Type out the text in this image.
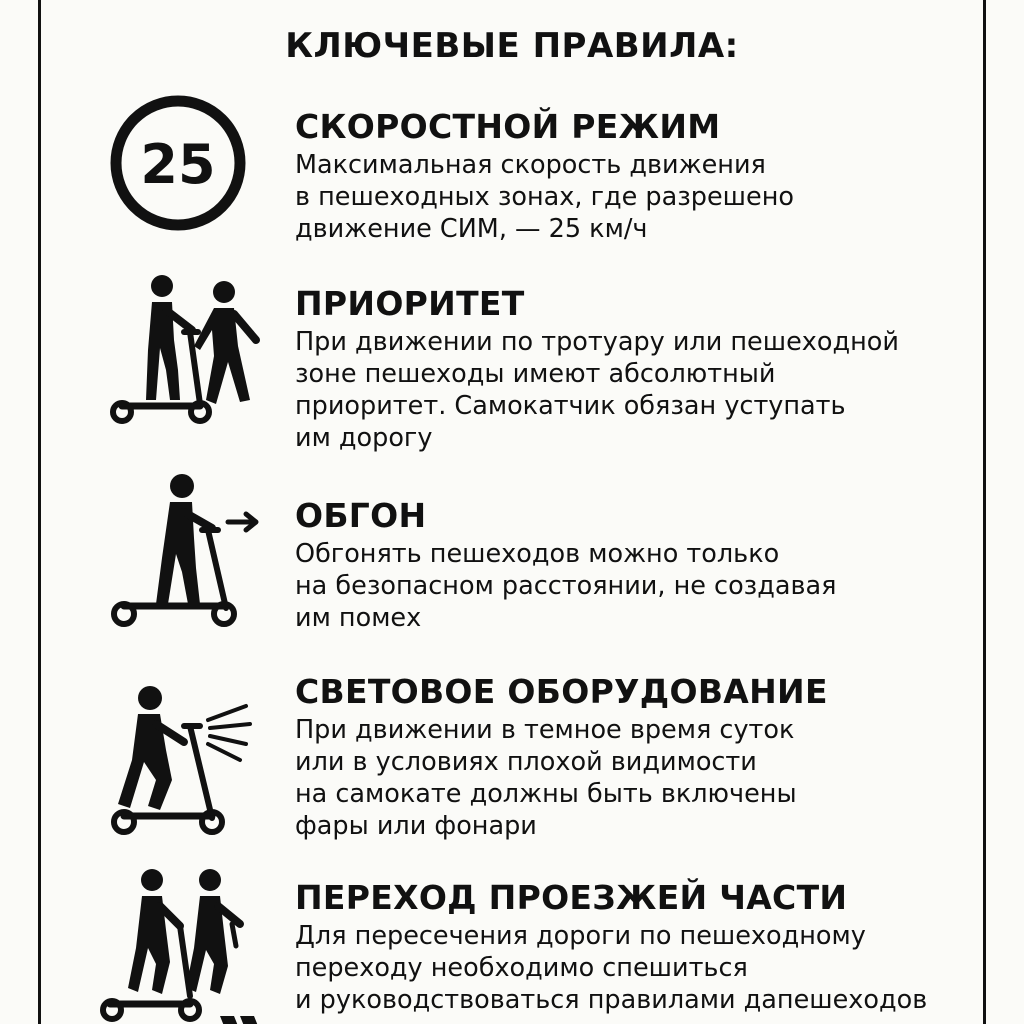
КЛЮЧЕВЫЕ ПРАВИЛА:
25
СКОРОСТНОЙ РЕЖИМ
Максимальная скорость движения
в пешеходных зонах, где разрешено
движение СИМ, — 25 км/ч
ПРИОРИТЕТ
При движении по тротуару или пешеходной
зоне пешеходы имеют абсолютный
приоритет. Самокатчик обязан уступать
им дорогу
ОБГОН
Обгонять пешеходов можно только
на безопасном расстоянии, не создавая
им помех
СВЕТОВОЕ ОБОРУДОВАНИЕ
При движении в темное время суток
или в условиях плохой видимости
на самокате должны быть включены
фары или фонари
ПЕРЕХОД ПРОЕЗЖЕЙ ЧАСТИ
Для пересечения дороги по пешеходному
переходу необходимо спешиться
и руководствоваться правилами дапешеходов
